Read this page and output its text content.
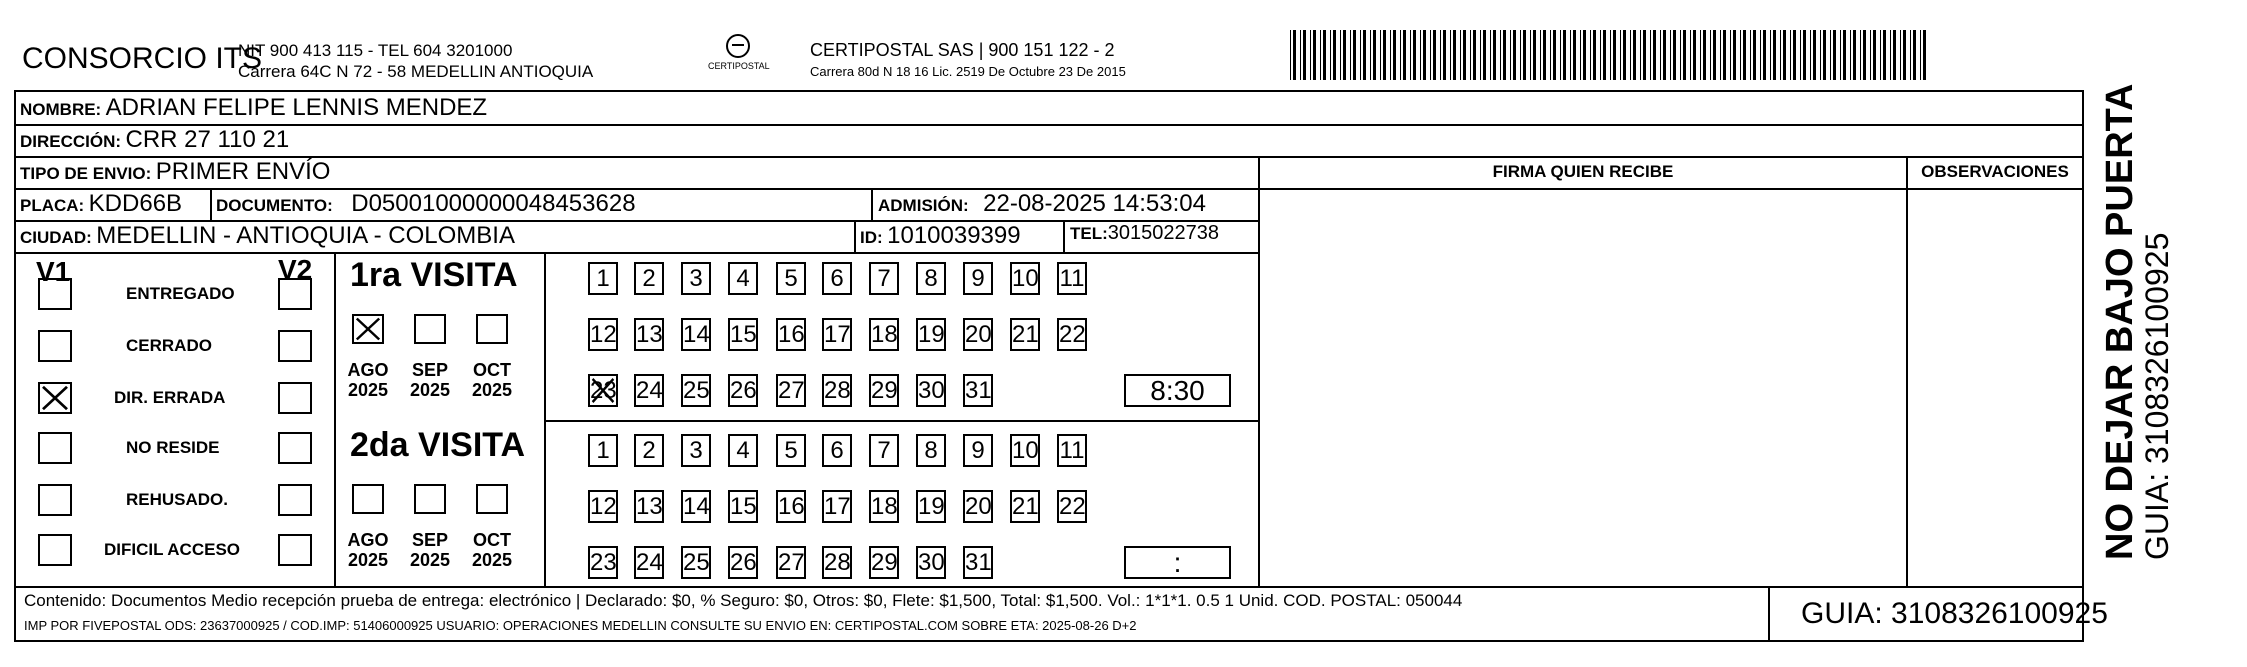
CONSORCIO ITS
NIT 900 413 115 - TEL 604 3201000
Carrera 64C N 72 - 58 MEDELLIN ANTIOQUIA	CERTIPOSTAL
CERTIPOSTAL SAS | 900 151 122 - 2
Carrera 80d N 18 16 Lic. 2519 De Octubre 23 De 2015
NOMBRE: ADRIAN FELIPE LENNIS MENDEZ
DIRECCIÓN: CRR 27 110 21
TIPO DE ENVIO: PRIMER ENVÍO	FIRMA QUIEN RECIBE	OBSERVACIONES
PLACA: KDD66B DOCUMENTO: D05001000000048453628	ADMISIÓN: 22-08-2025 14:53:04
CIUDAD: MEDELLIN - ANTIOQUIA - COLOMBIA	ID: 1010039399	TEL:3015022738
V1	V2
ENTREGADO
CERRADO
DIR. ERRADA
NO RESIDE
REHUSADO.
DIFICIL ACCESO
1ra VISITA
2da VISITA
AGO
2025
SEP
2025
OCT
2025
AGO
2025
SEP
2025
OCT
2025
1	2	3	4	5	6	7	8	9	10 11
12 13 14 15 16 17 18 19 20 21 22
23 24 25 26 27 28 29 30 31	8:30
1	2	3	4	5	6	7	8	9	10 11
12 13 14 15 16 17 18 19 20 21 22
23 24 25 26 27 28 29 30 31	:
Contenido: Documentos Medio recepción prueba de entrega: electrónico | Declarado: $0, % Seguro: $0, Otros: $0, Flete: $1,500, Total: $1,500. Vol.: 1*1*1. 0.5 1 Unid. COD. POSTAL: 050044
IMP POR FIVEPOSTAL ODS: 23637000925 / COD.IMP: 51406000925 USUARIO: OPERACIONES MEDELLIN CONSULTE SU ENVIO EN: CERTIPOSTAL.COM SOBRE ETA: 2025-08-26 D+2	GUIA: 3108326100925
NO DEJAR BAJO PUERTA
GUIA: 3108326100925
